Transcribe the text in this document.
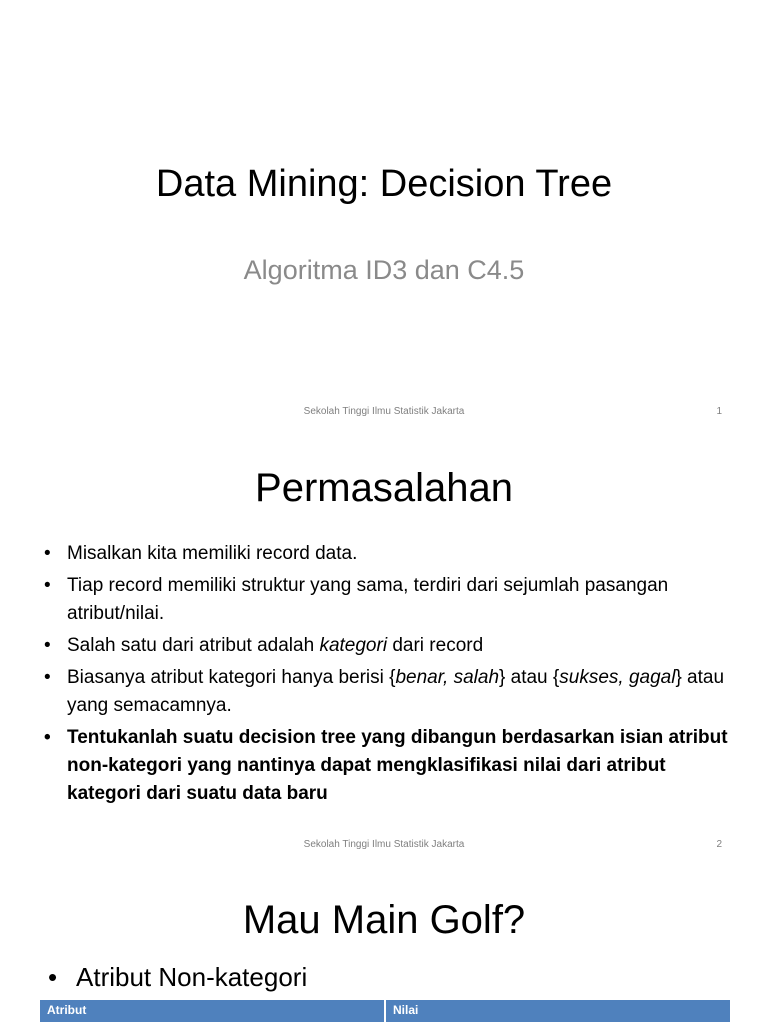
Data Mining: Decision Tree
Algoritma ID3 dan C4.5
Sekolah Tinggi Ilmu Statistik Jakarta	1
Permasalahan
• Misalkan kita memiliki record data.
• Tiap record memiliki struktur yang sama, terdiri dari sejumlah pasangan atribut/nilai.
• Salah satu dari atribut adalah kategori dari record
• Biasanya atribut kategori hanya berisi {benar, salah} atau {sukses, gagal} atau yang semacamnya.
• Tentukanlah suatu decision tree yang dibangun berdasarkan isian atribut non-kategori yang nantinya dapat mengklasifikasi nilai dari atribut kategori dari suatu data baru
Sekolah Tinggi Ilmu Statistik Jakarta	2
Mau Main Golf?
• Atribut Non-kategori
Atribut	Nilai
